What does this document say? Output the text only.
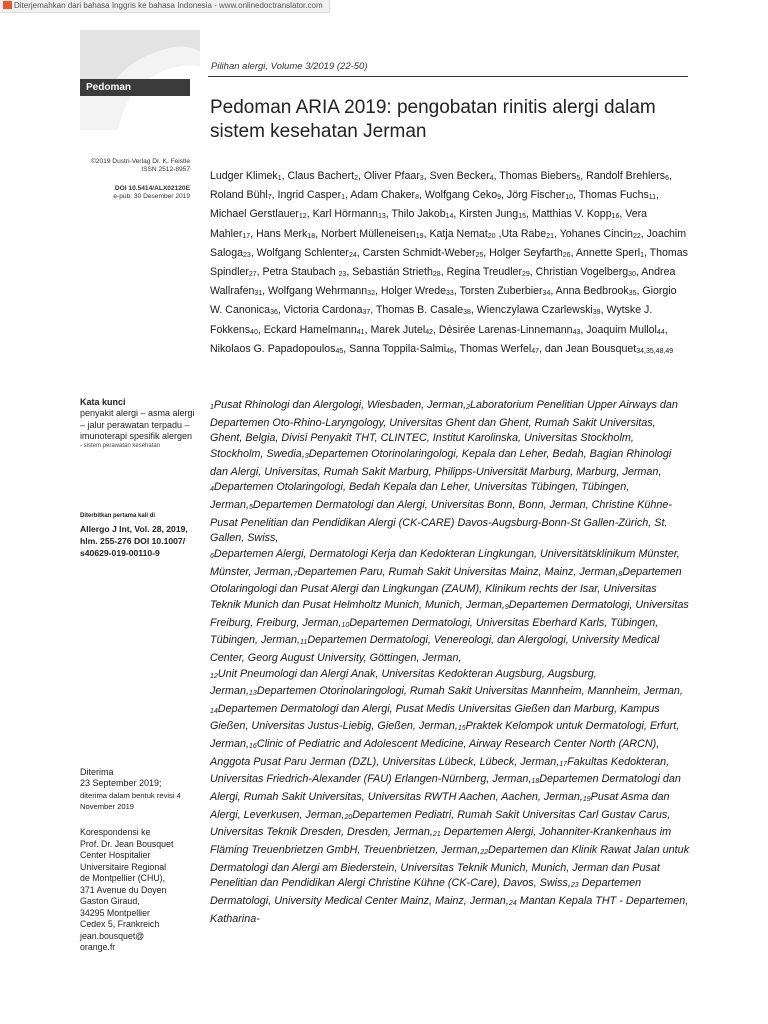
Diterjemahkan dari bahasa Inggris ke bahasa Indonesia - www.onlinedoctranslator.com
Pedoman
Pilihan alergi, Volume 3/2019 (22-50)
Pedoman ARIA 2019: pengobatan rinitis alergi dalam sistem kesehatan Jerman
Ludger Klimek$_1$, Claus Bachert$_2$, Oliver Pfaar$_3$, Sven Becker$_4$, Thomas Biebers$_5$, Randolf Brehlers$_6$, Roland Bühl$_7$, Ingrid Casper$_1$, Adam Chaker$_8$, Wolfgang Ceko$_9$, Jörg Fischer$_{10}$, Thomas Fuchs$_{11}$, Michael Gerstlauer$_{12}$, Karl Hörmann$_{13}$, Thilo Jakob$_{14}$, Kirsten Jung$_{15}$, Matthias V. Kopp$_{16}$, Vera Mahler$_{17}$, Hans Merk$_{18}$, Norbert Mülleneisen$_{19}$, Katja Nemat$_{20}$ ,Uta Rabe$_{21}$, Yohanes Cincin$_{22}$, Joachim Saloga$_{23}$, Wolfgang Schlenter$_{24}$, Carsten Schmidt-Weber$_{25}$, Holger Seyfarth$_{26}$, Annette Sperl$_1$, Thomas Spindler$_{27}$, Petra Staubach $_{23}$, Sebastián Strieth$_{28}$, Regina Treudler$_{29}$, Christian Vogelberg$_{30}$, Andrea Wallrafen$_{31}$, Wolfgang Wehrmann$_{32}$, Holger Wrede$_{33}$, Torsten Zuberbier$_{34}$, Anna Bedbrook$_{35}$, Giorgio W. Canonica$_{36}$, Victoria Cardona$_{37}$, Thomas B. Casale$_{38}$, Wienczylawa Czarlewski$_{39}$, Wytske J. Fokkens$_{40}$, Eckard Hamelmann$_{41}$, Marek Jutel$_{42}$, Désirée Larenas-Linnemann$_{43}$, Joaquim Mullol$_{44}$, Nikolaos G. Papadopoulos$_{45}$, Sanna Toppila-Salmi$_{46}$, Thomas Werfel$_{47}$, dan Jean Bousquet$_{34,35,48,49}$
©2019 Dustri-Verlag Dr. K. Feistle
ISSN 2512-8957
DOI 10.5414/ALX02120E
e-pub: 30 Desember 2019
Kata kunci
penyakit alergi – asma alergi – jalur perawatan terpadu – imunoterapi spesifik alergen
- sistem perawatan kesehatan
Diterbitkan pertama kali di
Allergo J Int, Vol. 28, 2019, hlm. 255-276 DOI 10.1007/ s40629-019-00110-9
Diterima
23 September 2019;
diterima dalam bentuk revisi 4 November 2019
Korespondensi ke
Prof. Dr. Jean Bousquet
Center Hospitalier
Universitaire Regional
de Montpellier (CHU),
371 Avenue du Doyen
Gaston Giraud,
34295 Montpellier
Cedex 5, Frankreich
jean.bousquet@
orange.fr

$_1$Pusat Rhinologi dan Alergologi, Wiesbaden, $Jerman,_2Laboratorium$ Penelitian Upper Airways dan Departemen Oto-Rhino-Laryngology, Universitas Ghent dan Ghent, Rumah Sakit Universitas, Ghent, Belgia, Divisi Penyakit THT, CLINTEC, Institut Karolinska, Universitas Stockholm, Stockholm, $Swedia,_3Departemen$ Otorinolaringologi, Kepala dan Leher, Bedah, Bagian Rhinologi dan Alergi, Universitas, Rumah Sakit Marburg, Philipps-Universität Marburg, Marburg, Jerman,

$_4$Departemen Otolaringologi, Bedah Kepala dan Leher, Universitas Tübingen, Tübingen, $Jerman,_5Departemen$ Dermatologi dan Alergi, Universitas Bonn, Bonn, Jerman, Christine Kühne-Pusat Penelitian dan Pendidikan Alergi (CK-CARE) Davos-Augsburg-Bonn-St Gallen-Zürich, St. Gallen, Swiss,

$_6$Departemen Alergi, Dermatologi Kerja dan Kedokteran Lingkungan, Universitätsklinikum Münster, Münster, $Jerman,_7Departemen$ Paru, Rumah Sakit Universitas Mainz, Mainz, $Jerman,_8Departemen$ Otolaringologi dan Pusat Alergi dan Lingkungan (ZAUM), Klinikum rechts der Isar, Universitas Teknik Munich dan Pusat Helmholtz Munich, Munich, $Jerman,_9Departemen$ Dermatologi, Universitas Freiburg, Freiburg, $Jerman,_{10}Departemen$ Dermatologi, Universitas Eberhard Karls, Tübingen, Tübingen, $Jerman,_{11}Departemen$ Dermatologi, Venereologi, dan Alergologi, University Medical Center, Georg August University, Göttingen, Jerman,

$_{12}$Unit Pneumologi dan Alergi Anak, Universitas Kedokteran Augsburg, Augsburg, $Jerman,_{13}Departemen$ Otorinolaringologi, Rumah Sakit Universitas Mannheim, Mannheim, Jerman,

$_{14}$Departemen Dermatologi dan Alergi, Pusat Medis Universitas Gießen dan Marburg, Kampus Gießen, Universitas Justus-Liebig, Gießen, $Jerman,_{15}Praktek$ Kelompok untuk Dermatologi, Erfurt, $Jerman,_{16}Clinic$ of Pediatric and Adolescent Medicine, Airway Research Center North (ARCN), Anggota Pusat Paru Jerman (DZL), Universitas Lübeck, Lübeck, $Jerman,_{17}Fakultas$ Kedokteran, Universitas Friedrich-Alexander (FAU) Erlangen-Nürnberg, $Jerman,_{18}Departemen$ Dermatologi dan Alergi, Rumah Sakit Universitas, Universitas RWTH Aachen, Aachen, $Jerman,_{19}Pusat$ Asma dan Alergi, Leverkusen, $Jerman,_{20}Departemen$ Pediatri, Rumah Sakit Universitas Carl Gustav Carus, Universitas Teknik Dresden, Dresden, $Jerman,_{21}$ Departemen Alergi, Johanniter-Krankenhaus im Fläming Treuenbrietzen GmbH, Treuenbrietzen, $Jerman,_{22}Departemen$ dan Klinik Rawat Jalan untuk Dermatologi dan Alergi am Biederstein, Universitas Teknik Munich, Munich, Jerman dan Pusat Penelitian dan Pendidikan Alergi Christine Kühne (CK-Care), Davos, $Swiss,_{23}$ Departemen Dermatologi, University Medical Center Mainz, Mainz, $Jerman,_{24}$ Mantan Kepala THT - Departemen, Katharina-
